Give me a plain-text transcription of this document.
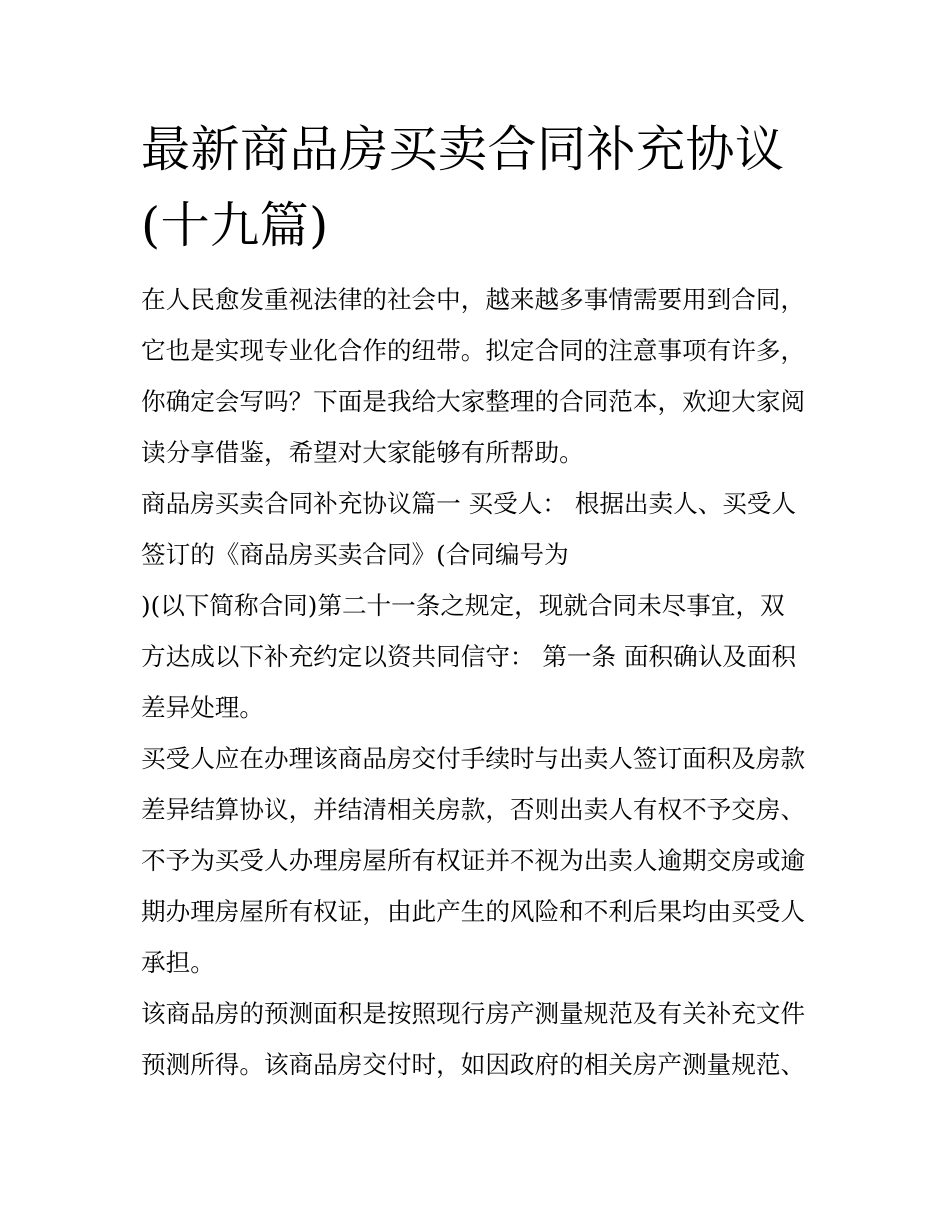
最新商品房买卖合同补充协议
(十九篇)
在人民愈发重视法律的社会中，越来越多事情需要用到合同，
它也是实现专业化合作的纽带。拟定合同的注意事项有许多，
你确定会写吗？下面是我给大家整理的合同范本，欢迎大家阅
读分享借鉴，希望对大家能够有所帮助。
商品房买卖合同补充协议篇一 买受人： 根据出卖人、买受人
签订的《商品房买卖合同》(合同编号为
)(以下简称合同)第二十一条之规定，现就合同未尽事宜，双
方达成以下补充约定以资共同信守： 第一条 面积确认及面积
差异处理。
买受人应在办理该商品房交付手续时与出卖人签订面积及房款
差异结算协议，并结清相关房款，否则出卖人有权不予交房、
不予为买受人办理房屋所有权证并不视为出卖人逾期交房或逾
期办理房屋所有权证，由此产生的风险和不利后果均由买受人
承担。
该商品房的预测面积是按照现行房产测量规范及有关补充文件
预测所得。该商品房交付时，如因政府的相关房产测量规范、
